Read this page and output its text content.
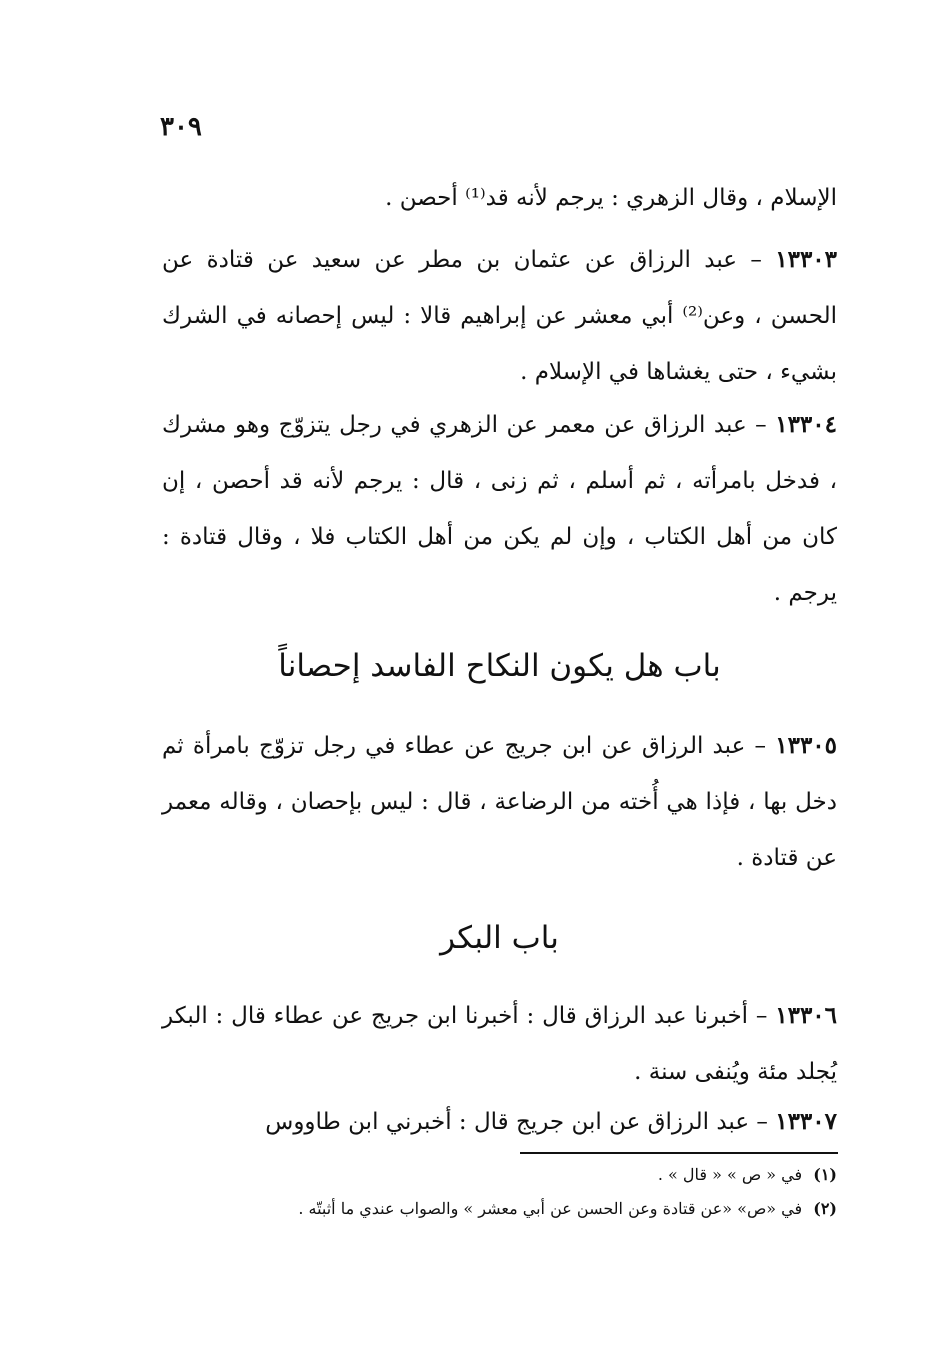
٣٠٩
الإسلام ، وقال الزهري : يرجم لأنه قد⁽¹⁾ أحصن .
١٣٣٠٣ – عبد الرزاق عن عثمان بن مطر عن سعيد عن قتادة عن الحسن ، وعن⁽²⁾ أبي معشر عن إبراهيم قالا : ليس إحصانه في الشرك بشيء ، حتى يغشاها في الإسلام .
١٣٣٠٤ – عبد الرزاق عن معمر عن الزهري في رجل يتزوّج وهو مشرك ، فدخل بامرأته ، ثم أسلم ، ثم زنى ، قال : يرجم لأنه قد أحصن ، إن كان من أهل الكتاب ، وإن لم يكن من أهل الكتاب فلا ، وقال قتادة : يرجم .
باب هل يكون النكاح الفاسد إحصاناً
١٣٣٠٥ – عبد الرزاق عن ابن جريج عن عطاء في رجل تزوّج بامرأة ثم دخل بها ، فإذا هي أُخته من الرضاعة ، قال : ليس بإحصان ، وقاله معمر عن قتادة .
باب البكر
١٣٣٠٦ – أخبرنا عبد الرزاق قال : أخبرنا ابن جريج عن عطاء قال : البكر يُجلد مئة ويُنفى سنة .
١٣٣٠٧ – عبد الرزاق عن ابن جريج قال : أخبرني ابن طاووس
(١) في « ص » « قال » .
(٢) في «ص» «عن قتادة وعن الحسن عن أبي معشر » والصواب عندي ما أثبتّه .
